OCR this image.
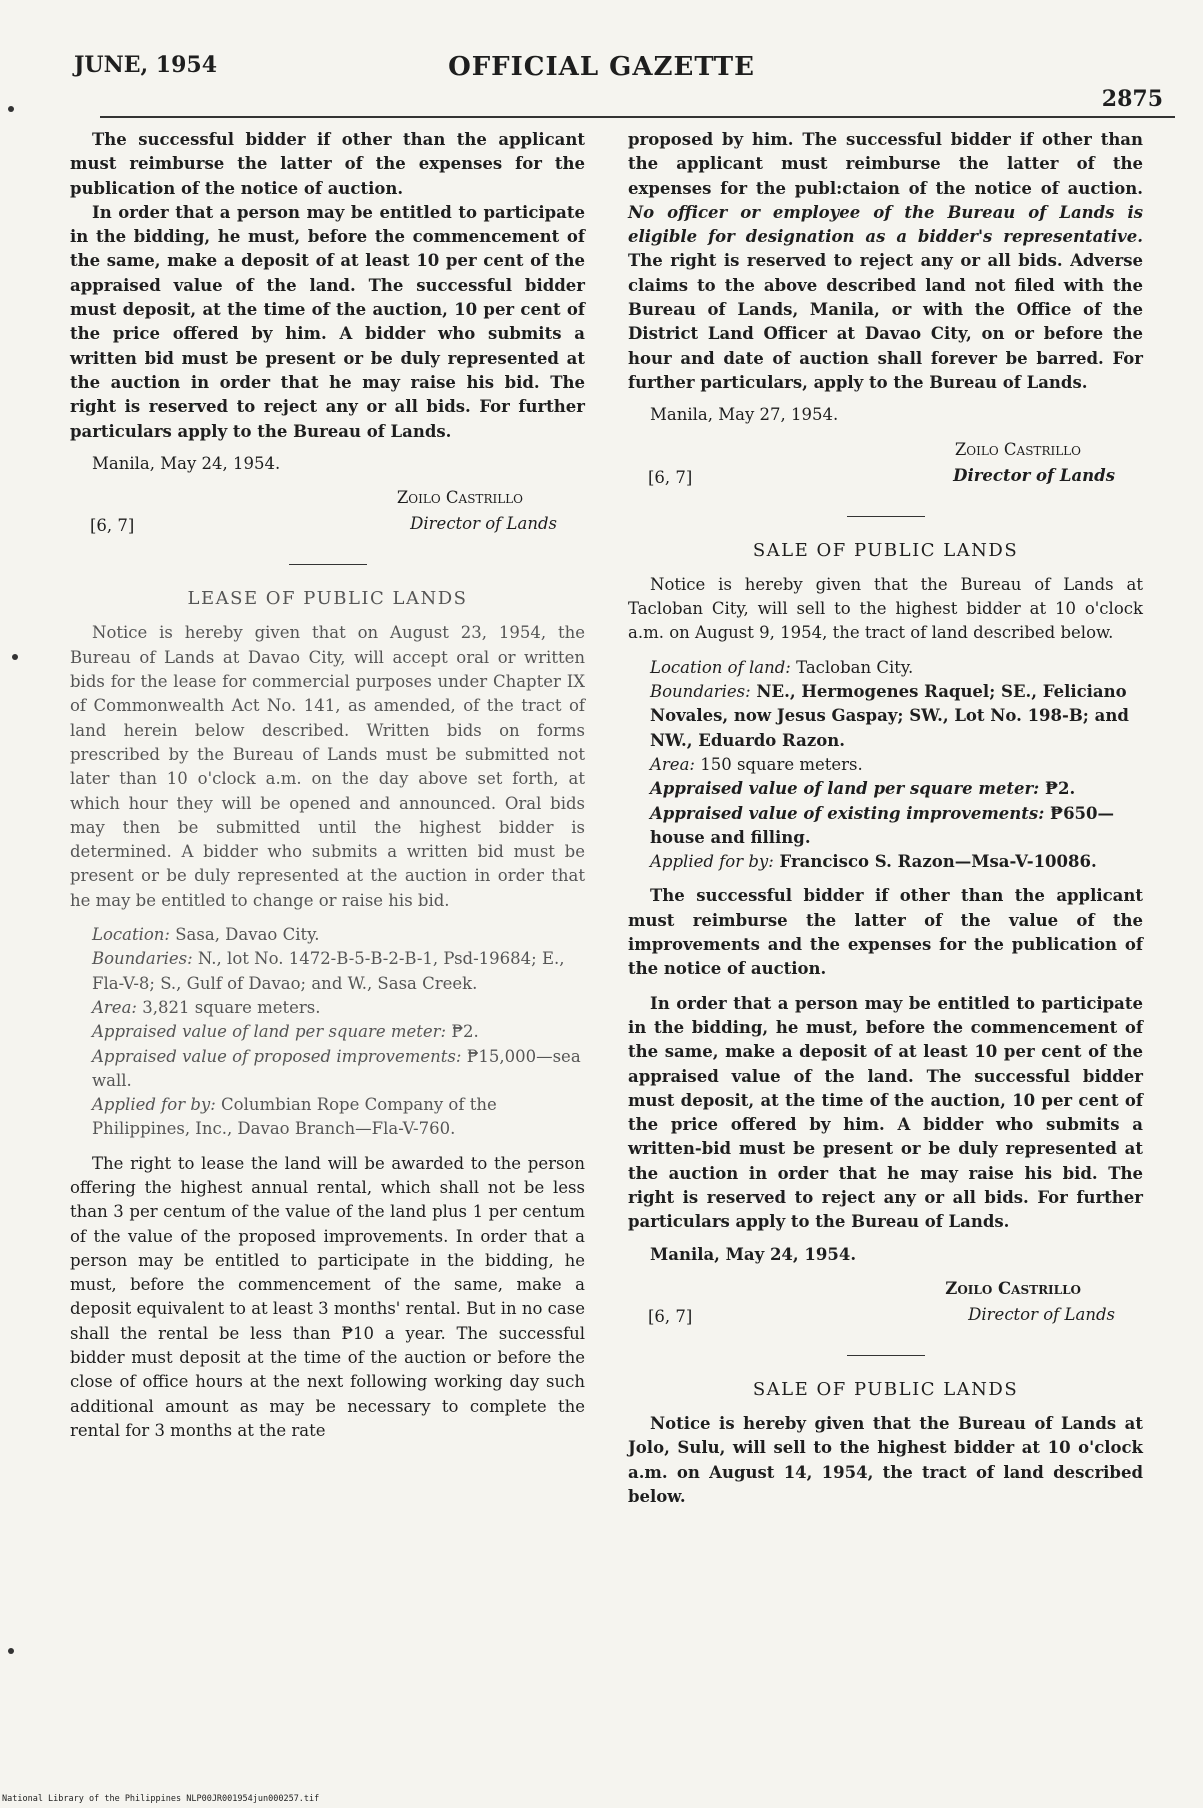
OFFICIAL GAZETTE
JUNE, 1954
2875

The successful bidder if other than the applicant must reimburse the latter of the expenses for the publication of the notice of auction.

In order that a person may be entitled to participate in the bidding, he must, before the commencement of the same, make a deposit of at least 10 per cent of the appraised value of the land. The successful bidder must deposit, at the time of the auction, 10 per cent of the price offered by him. A bidder who submits a written bid must be present or be duly represented at the auction in order that he may raise his bid. The right is reserved to reject any or all bids. For further particulars apply to the Bureau of Lands.

Manila, May 24, 1954.

[6, 7]
Zoilo Castrillo
Director of Lands
LEASE OF PUBLIC LANDS

Notice is hereby given that on August 23, 1954, the Bureau of Lands at Davao City, will accept oral or written bids for the lease for commercial purposes under Chapter IX of Commonwealth Act No. 141, as amended, of the tract of land herein below described. Written bids on forms prescribed by the Bureau of Lands must be submitted not later than 10 o'clock a.m. on the day above set forth, at which hour they will be opened and announced. Oral bids may then be submitted until the highest bidder is determined. A bidder who submits a written bid must be present or be duly represented at the auction in order that he may be entitled to change or raise his bid.

Location: Sasa, Davao City.

Boundaries: N., lot No. 1472-B-5-B-2-B-1, Psd-19684; E., Fla-V-8; S., Gulf of Davao; and W., Sasa Creek.

Area: 3,821 square meters.

Appraised value of land per square meter: ₱2.

Appraised value of proposed improvements: ₱15,000—sea wall.

Applied for by: Columbian Rope Company of the Philippines, Inc., Davao Branch—Fla-V-760.

The right to lease the land will be awarded to the person offering the highest annual rental, which shall not be less than 3 per centum of the value of the land plus 1 per centum of the value of the proposed improvements. In order that a person may be entitled to participate in the bidding, he must, before the commencement of the same, make a deposit equivalent to at least 3 months' rental. But in no case shall the rental be less than ₱10 a year. The successful bidder must deposit at the time of the auction or before the close of office hours at the next following working day such additional amount as may be necessary to complete the rental for 3 months at the rate

proposed by him. The successful bidder if other than the applicant must reimburse the latter of the expenses for the publ:ctaion of the notice of auction. No officer or employee of the Bureau of Lands is eligible for designation as a bidder's representative. The right is reserved to reject any or all bids. Adverse claims to the above described land not filed with the Bureau of Lands, Manila, or with the Office of the District Land Officer at Davao City, on or before the hour and date of auction shall forever be barred. For further particulars, apply to the Bureau of Lands.

Manila, May 27, 1954.

[6, 7]
Zoilo Castrillo
Director of Lands
SALE OF PUBLIC LANDS

Notice is hereby given that the Bureau of Lands at Tacloban City, will sell to the highest bidder at 10 o'clock a.m. on August 9, 1954, the tract of land described below.

Location of land: Tacloban City.

Boundaries: NE., Hermogenes Raquel; SE., Feliciano Novales, now Jesus Gaspay; SW., Lot No. 198-B; and NW., Eduardo Razon.

Area: 150 square meters.

Appraised value of land per square meter: ₱2.

Appraised value of existing improvements: ₱650—house and filling.

Applied for by: Francisco S. Razon—Msa-V-10086.

The successful bidder if other than the applicant must reimburse the latter of the value of the improvements and the expenses for the publication of the notice of auction.

In order that a person may be entitled to participate in the bidding, he must, before the commencement of the same, make a deposit of at least 10 per cent of the appraised value of the land. The successful bidder must deposit, at the time of the auction, 10 per cent of the price offered by him. A bidder who submits a written-bid must be present or be duly represented at the auction in order that he may raise his bid. The right is reserved to reject any or all bids. For further particulars apply to the Bureau of Lands.

Manila, May 24, 1954.

[6, 7]
Zoilo Castrillo
Director of Lands
SALE OF PUBLIC LANDS

Notice is hereby given that the Bureau of Lands at Jolo, Sulu, will sell to the highest bidder at 10 o'clock a.m. on August 14, 1954, the tract of land described below.

National Library of the Philippines NLP00JR001954jun000257.tif
